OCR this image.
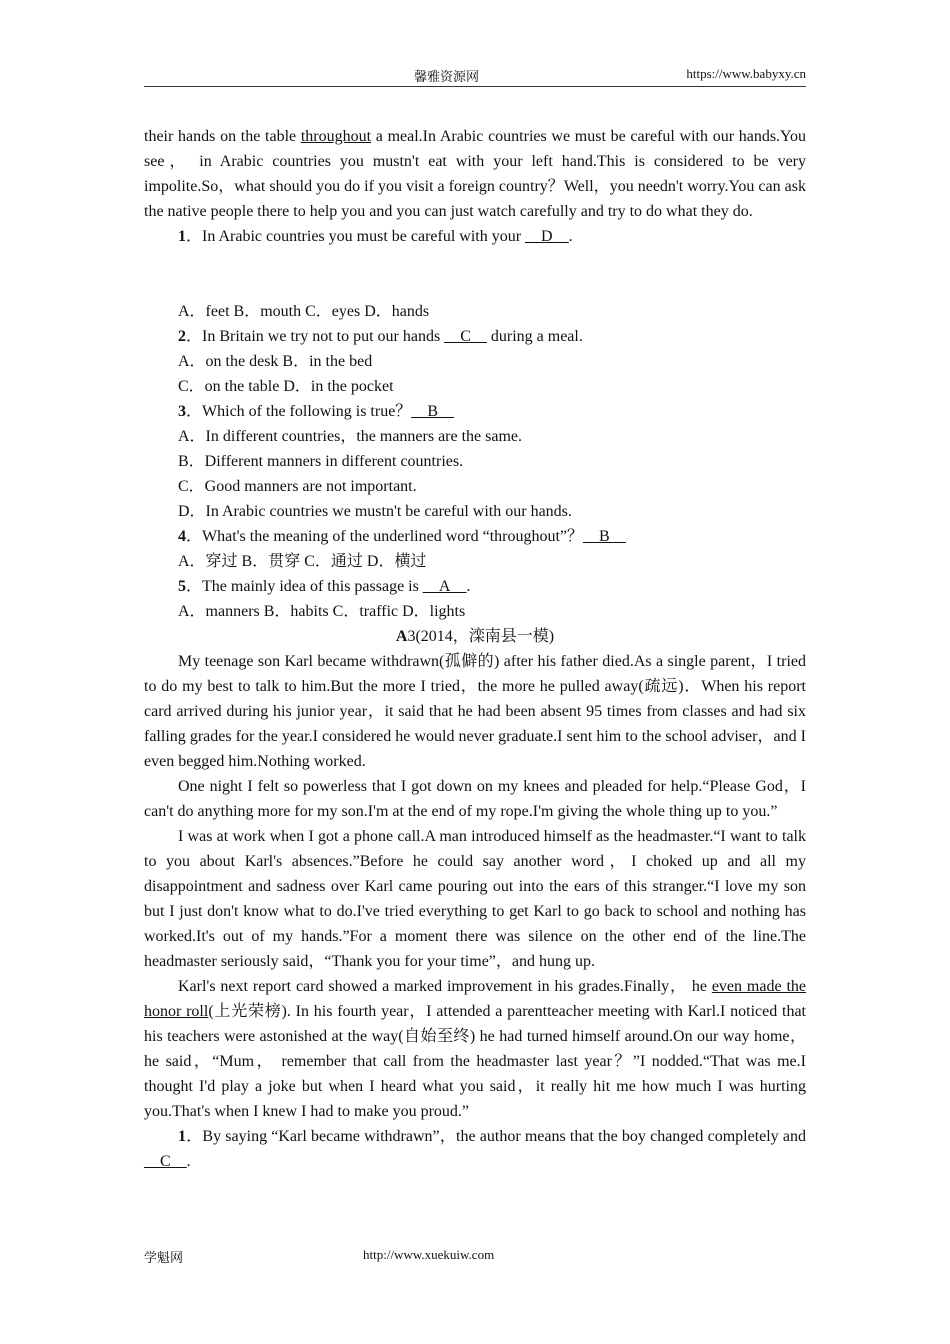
馨雅资源网	https://www.babyxy.cn

their hands on the table throughout a meal.In Arabic countries we must be careful with our hands.You see， in Arabic countries you mustn't eat with your left hand.This is considered to be very impolite.So，what should you do if you visit a foreign country？Well，you needn't worry.You can ask the native people there to help you and you can just watch carefully and try to do what they do.

1．In Arabic countries you must be careful with your __D__.

A．feet B．mouth C．eyes D．hands

2．In Britain we try not to put our hands __C__ during a meal.

A．on the desk B．in the bed

C．on the table D．in the pocket

3．Which of the following is true？__B__

A．In different countries，the manners are the same.

B．Different manners in different countries.

C．Good manners are not important.

D．In Arabic countries we mustn't be careful with our hands.

4．What's the meaning of the underlined word “throughout”？__B__

A．穿过 B．贯穿 C．通过 D．横过

5．The mainly idea of this passage is __A__.

A．manners B．habits C．traffic D．lights

A3(2014，滦南县一模)

My teenage son Karl became withdrawn(孤僻的) after his father died.As a single parent，I tried to do my best to talk to him.But the more I tried，the more he pulled away(疏远)．When his report card arrived during his junior year，it said that he had been absent 95 times from classes and had six falling grades for the year.I considered he would never graduate.I sent him to the school adviser，and I even begged him.Nothing worked.

One night I felt so powerless that I got down on my knees and pleaded for help.“Please God，I can't do anything more for my son.I'm at the end of my rope.I'm giving the whole thing up to you.”

I was at work when I got a phone call.A man introduced himself as the headmaster.“I want to talk to you about Karl's absences.”Before he could say another word，I choked up and all my disappointment and sadness over Karl came pouring out into the ears of this stranger.“I love my son but I just don't know what to do.I've tried everything to get Karl to go back to school and nothing has worked.It's out of my hands.”For a moment there was silence on the other end of the line.The headmaster seriously said，“Thank you for your time”，and hung up.

Karl's next report card showed a marked improvement in his grades.Finally， he even made the honor roll(上光荣榜). In his fourth year，I attended a parentteacher meeting with Karl.I noticed that his teachers were astonished at the way(自始至终) he had turned himself around.On our way home， he said，“Mum， remember that call from the headmaster last year？”I nodded.“That was me.I thought I'd play a joke but when I heard what you said，it really hit me how much I was hurting you.That's when I knew I had to make you proud.”

1．By saying “Karl became withdrawn”，the author means that the boy changed completely and __C__.

学魁网	http://www.xuekuiw.com
